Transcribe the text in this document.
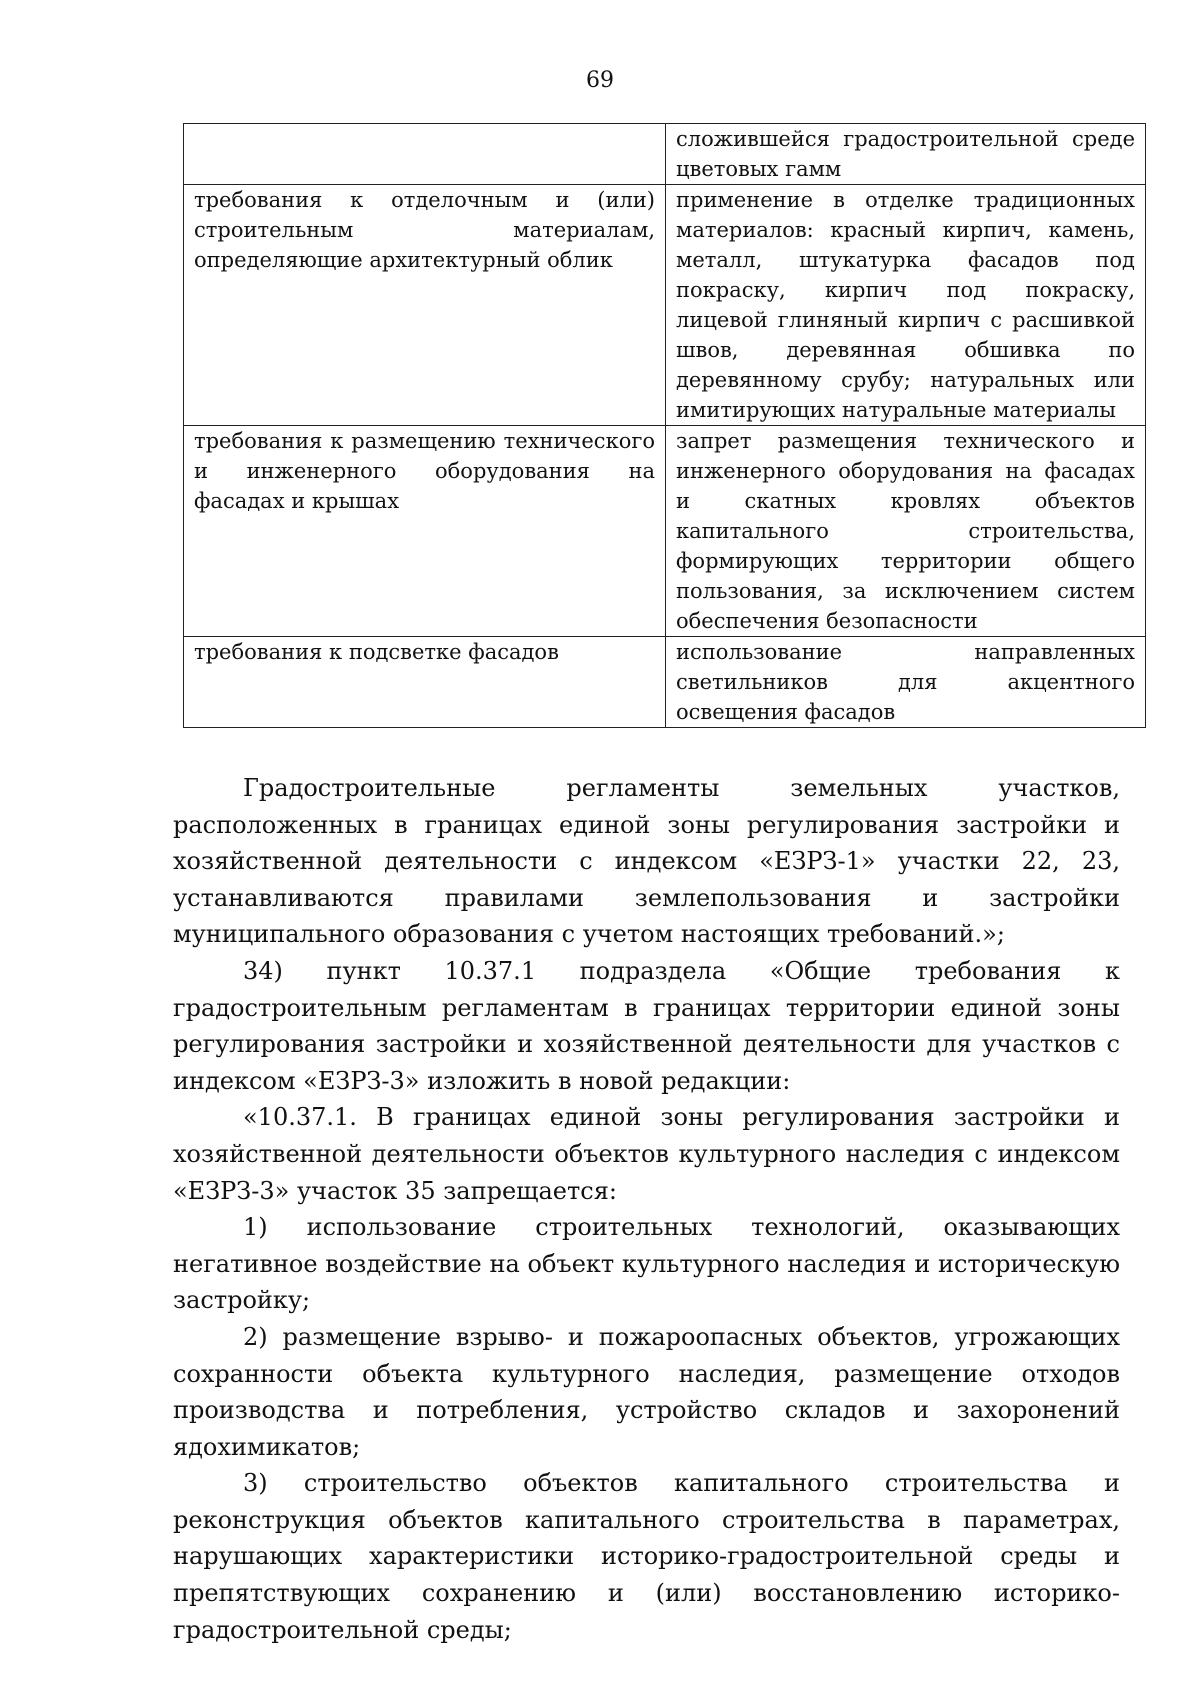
69
	сложившейся градостроительной среде цветовых гамм
требования к отделочным и (или) строительным материалам, определяющие архитектурный облик	применение в отделке традиционных материалов: красный кирпич, камень, металл, штукатурка фасадов под покраску, кирпич под покраску, лицевой глиняный кирпич с расшивкой швов, деревянная обшивка по деревянному срубу; натуральных или имитирующих натуральные материалы
требования к размещению технического и инженерного оборудования на фасадах и крышах	запрет размещения технического и инженерного оборудования на фасадах и скатных кровлях объектов капитального строительства, формирующих территории общего пользования, за исключением систем обеспечения безопасности
требования к подсветке фасадов	использование направленных светильников для акцентного освещения фасадов

Градостроительные регламенты земельных участков, расположенных в границах единой зоны регулирования застройки и хозяйственной деятельности с индексом «ЕЗРЗ-1» участки 22, 23, устанавливаются правилами землепользования и застройки муниципального образования с учетом настоящих требований.»;

34) пункт 10.37.1 подраздела «Общие требования к градостроительным регламентам в границах территории единой зоны регулирования застройки и хозяйственной деятельности для участков с индексом «ЕЗРЗ-3» изложить в новой редакции:

«10.37.1. В границах единой зоны регулирования застройки и хозяйственной деятельности объектов культурного наследия с индексом «ЕЗРЗ-3» участок 35 запрещается:

1) использование строительных технологий, оказывающих негативное воздействие на объект культурного наследия и историческую застройку;

2) размещение взрыво- и пожароопасных объектов, угрожающих сохранности объекта культурного наследия, размещение отходов производства и потребления, устройство складов и захоронений ядохимикатов;

3) строительство объектов капитального строительства и реконструкция объектов капитального строительства в параметрах, нарушающих характеристики историко-градостроительной среды и препятствующих сохранению и (или) восстановлению историко-градостроительной среды;
